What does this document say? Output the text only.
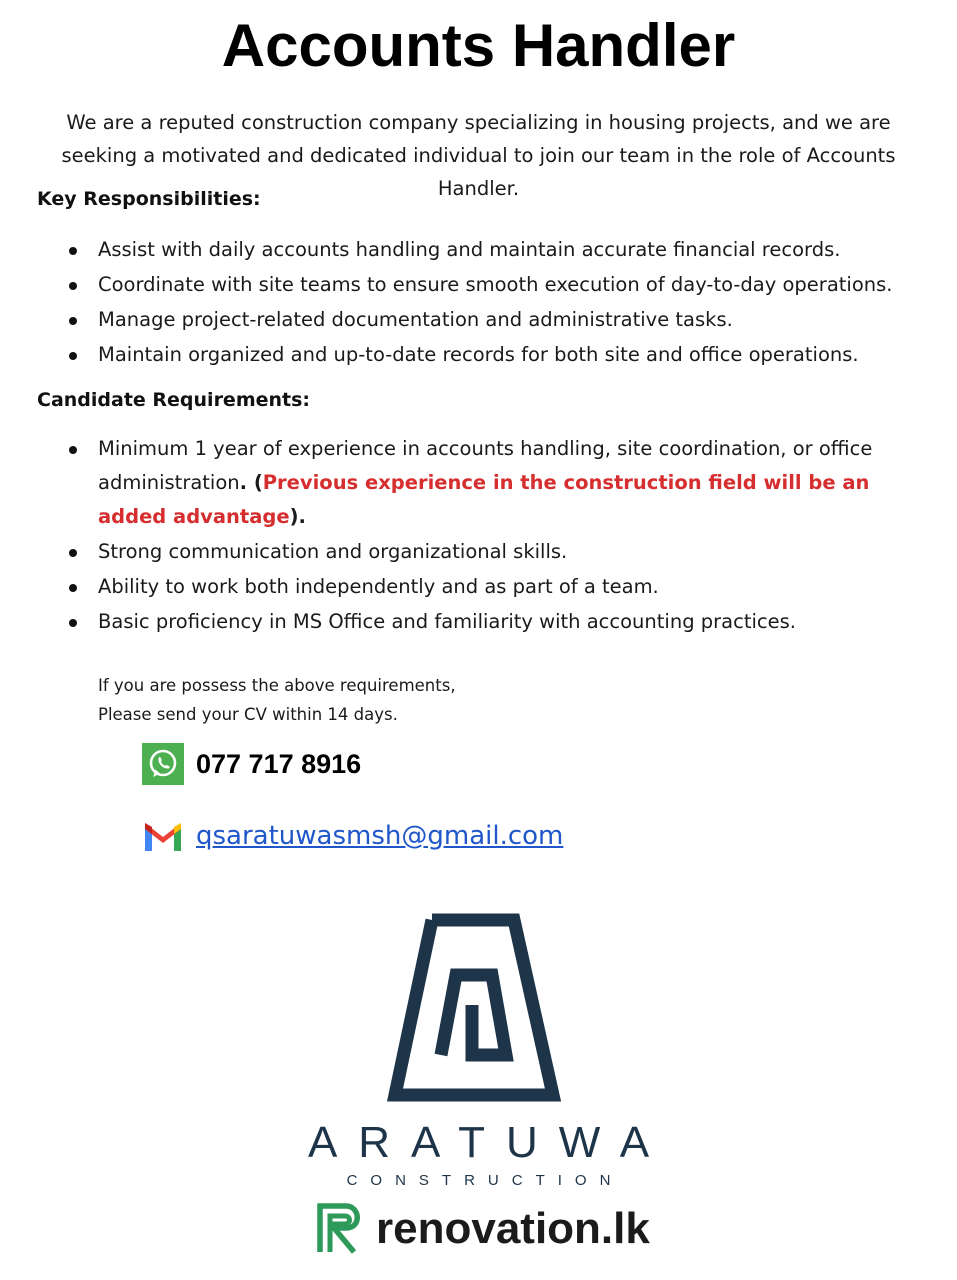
Accounts Handler
We are a reputed construction company specializing in housing projects, and we are seeking a motivated and dedicated individual to join our team in the role of Accounts Handler.
Key Responsibilities:
Assist with daily accounts handling and maintain accurate financial records.
Coordinate with site teams to ensure smooth execution of day-to-day operations.
Manage project-related documentation and administrative tasks.
Maintain organized and up-to-date records for both site and office operations.
Candidate Requirements:
Minimum 1 year of experience in accounts handling, site coordination, or office administration. (Previous experience in the construction field will be an added advantage).
Strong communication and organizational skills.
Ability to work both independently and as part of a team.
Basic proficiency in MS Office and familiarity with accounting practices.
If you are possess the above requirements,
Please send your CV within 14 days.
077 717 8916
qsaratuwasmsh@gmail.com
ARATUWA
CONSTRUCTION
renovation.lk
